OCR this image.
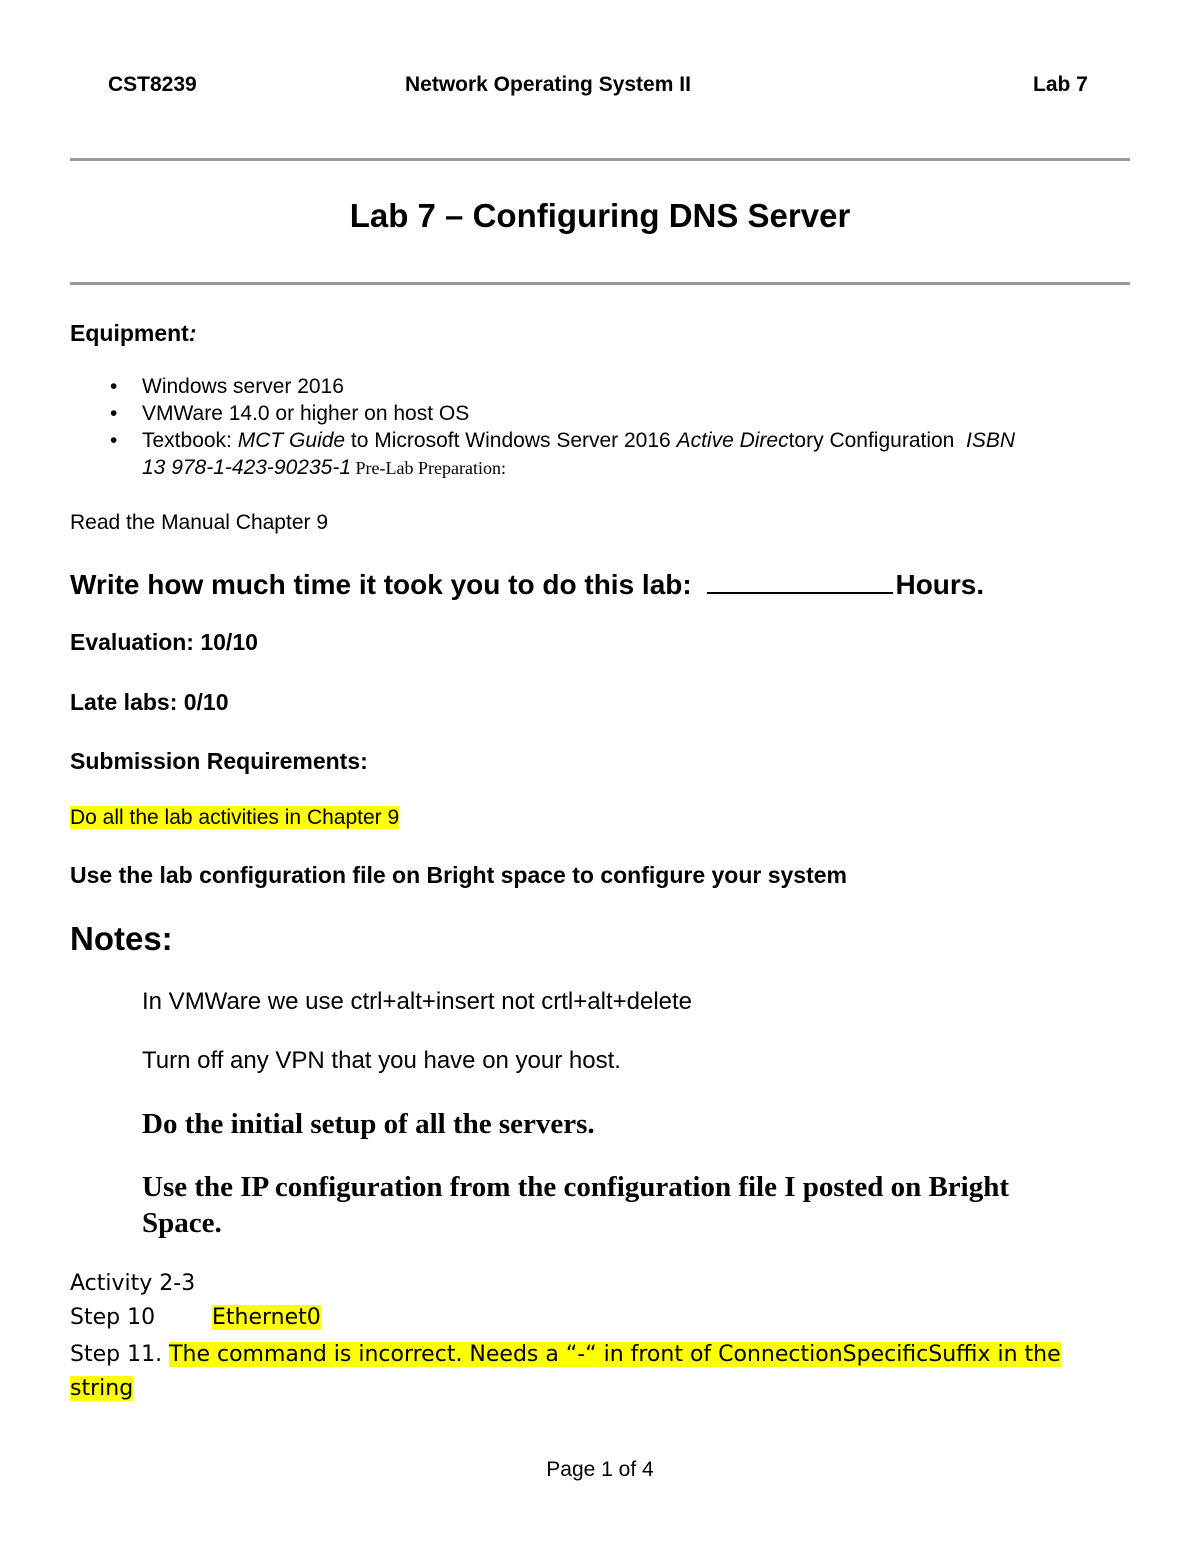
CST8239	Network Operating System II	Lab 7
Lab 7 – Configuring DNS Server
Equipment:
• Windows server 2016
• VMWare 14.0 or higher on host OS
• Textbook: MCT Guide to Microsoft Windows Server 2016 Active Directory Configuration  ISBN
13 978-1-423-90235-1 Pre-Lab Preparation:
Read the Manual Chapter 9
Write how much time it took you to do this lab:	Hours.
Evaluation: 10/10
Late labs: 0/10
Submission Requirements:
Do all the lab activities in Chapter 9
Use the lab configuration file on Bright space to configure your system
Notes:
In VMWare we use ctrl+alt+insert not crtl+alt+delete
Turn off any VPN that you have on your host.
Do the initial setup of all the servers.
Use the IP configuration from the configuration file I posted on Bright
Space.
Activity 2-3
Step 10	Ethernet0
Step 11. The command is incorrect. Needs a “-“ in front of ConnectionSpecificSuffix in the
string
Page 1 of 4
